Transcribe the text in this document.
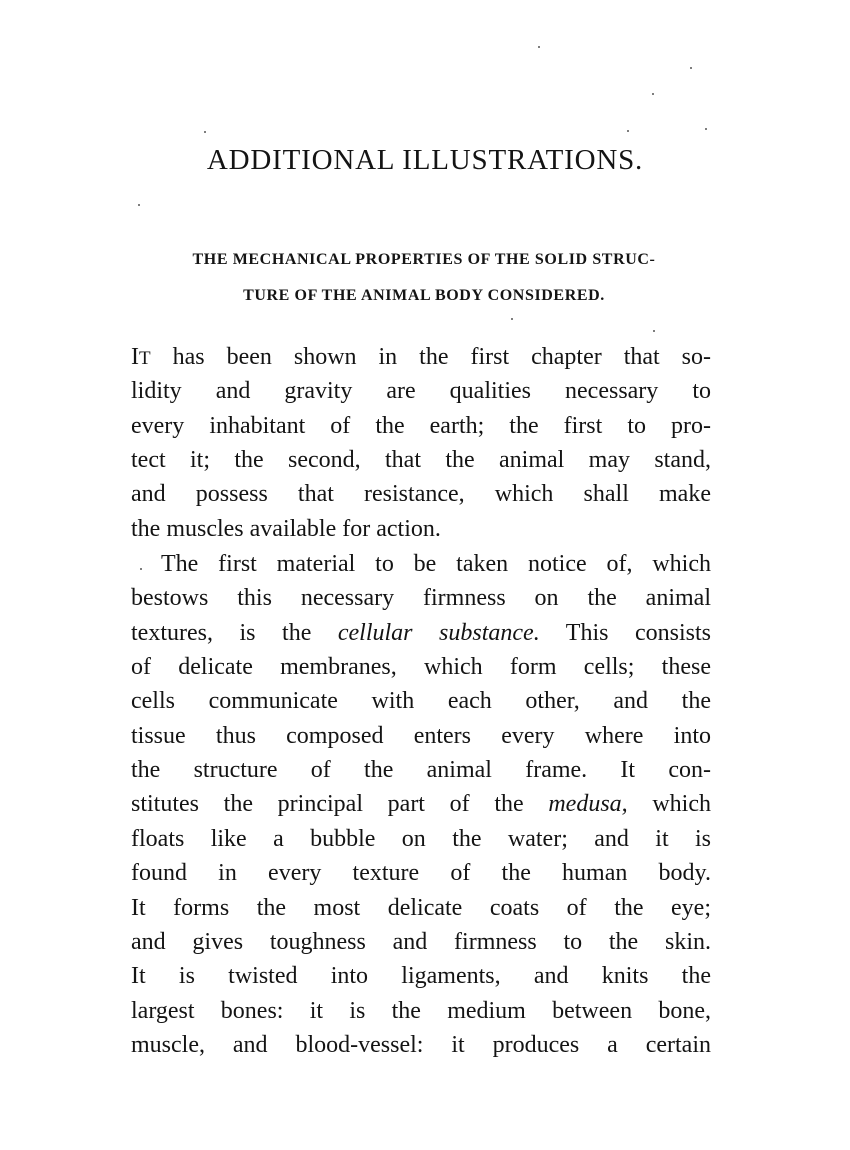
ADDITIONAL ILLUSTRATIONS.
THE MECHANICAL PROPERTIES OF THE SOLID STRUC-
TURE OF THE ANIMAL BODY CONSIDERED.
IT has been shown in the first chapter that so-
lidity and gravity are qualities necessary to
every inhabitant of the earth; the first to pro-
tect it; the second, that the animal may stand,
and possess that resistance, which shall make
the muscles available for action.
The first material to be taken notice of, which
bestows this necessary firmness on the animal
textures, is the cellular substance. This consists
of delicate membranes, which form cells; these
cells communicate with each other, and the
tissue thus composed enters every where into
the structure of the animal frame. It con-
stitutes the principal part of the medusa, which
floats like a bubble on the water; and it is
found in every texture of the human body.
It forms the most delicate coats of the eye;
and gives toughness and firmness to the skin.
It is twisted into ligaments, and knits the
largest bones: it is the medium between bone,
muscle, and blood-vessel: it produces a certain
